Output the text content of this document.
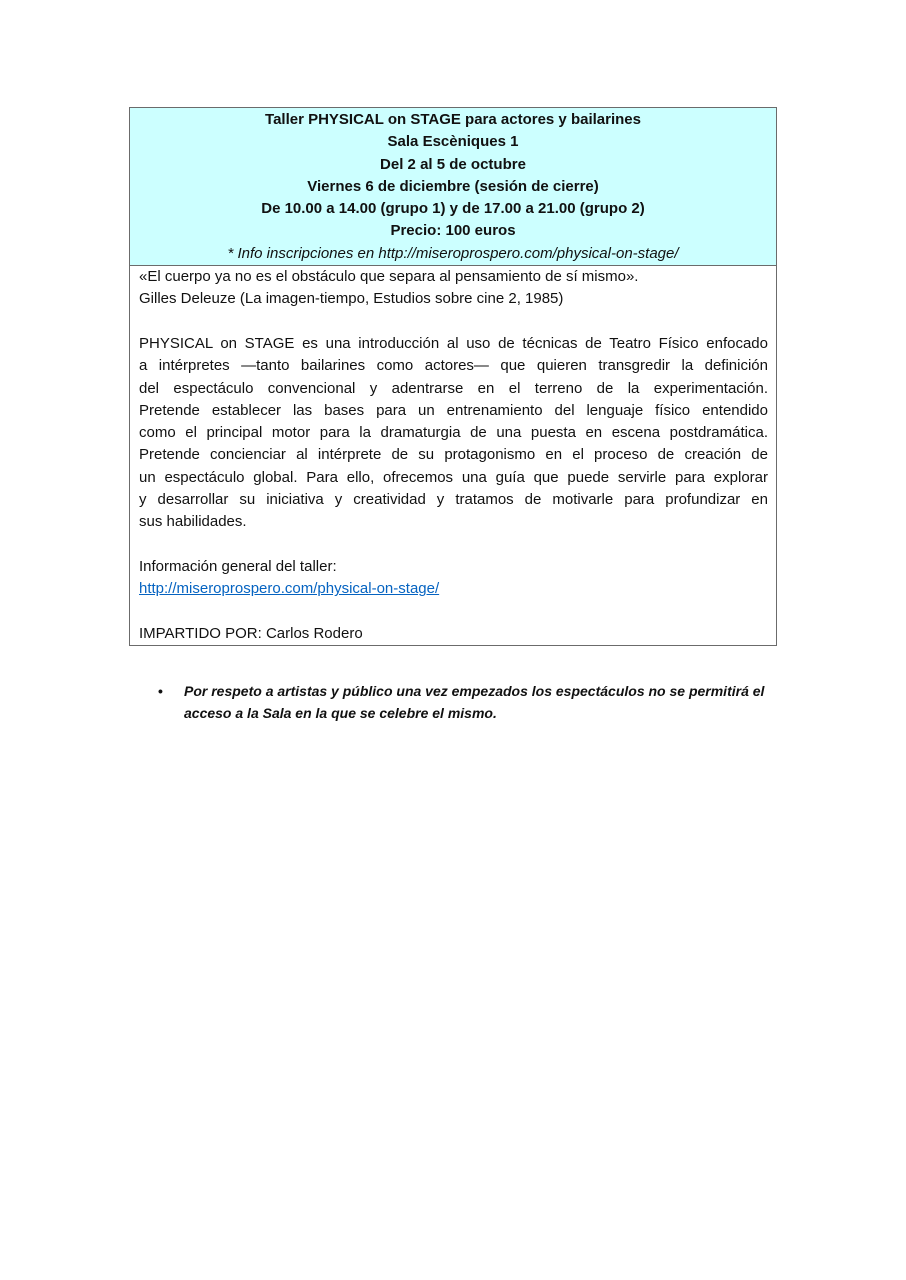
Taller PHYSICAL on STAGE para actores y bailarines
Sala Escèniques 1
Del 2 al 5 de octubre
Viernes 6 de diciembre (sesión de cierre)
De 10.00 a 14.00 (grupo 1) y de 17.00 a 21.00 (grupo 2)
Precio: 100 euros
* Info inscripciones en http://miseroprospero.com/physical-on-stage/
«El cuerpo ya no es el obstáculo que separa al pensamiento de sí mismo».
Gilles Deleuze (La imagen-tiempo, Estudios sobre cine 2, 1985)
PHYSICAL on STAGE es una introducción al uso de técnicas de Teatro Físico enfocado
a intérpretes —tanto bailarines como actores— que quieren transgredir la definición
del espectáculo convencional y adentrarse en el terreno de la experimentación.
Pretende establecer las bases para un entrenamiento del lenguaje físico entendido
como el principal motor para la dramaturgia de una puesta en escena postdramática.
Pretende concienciar al intérprete de su protagonismo en el proceso de creación de
un espectáculo global. Para ello, ofrecemos una guía que puede servirle para explorar
y desarrollar su iniciativa y creatividad y tratamos de motivarle para profundizar en
sus habilidades.
Información general del taller:
http://miseroprospero.com/physical-on-stage/
IMPARTIDO POR: Carlos Rodero
• Por respeto a artistas y público una vez empezados los espectáculos no se permitirá el acceso a la Sala en la que se celebre el mismo.
